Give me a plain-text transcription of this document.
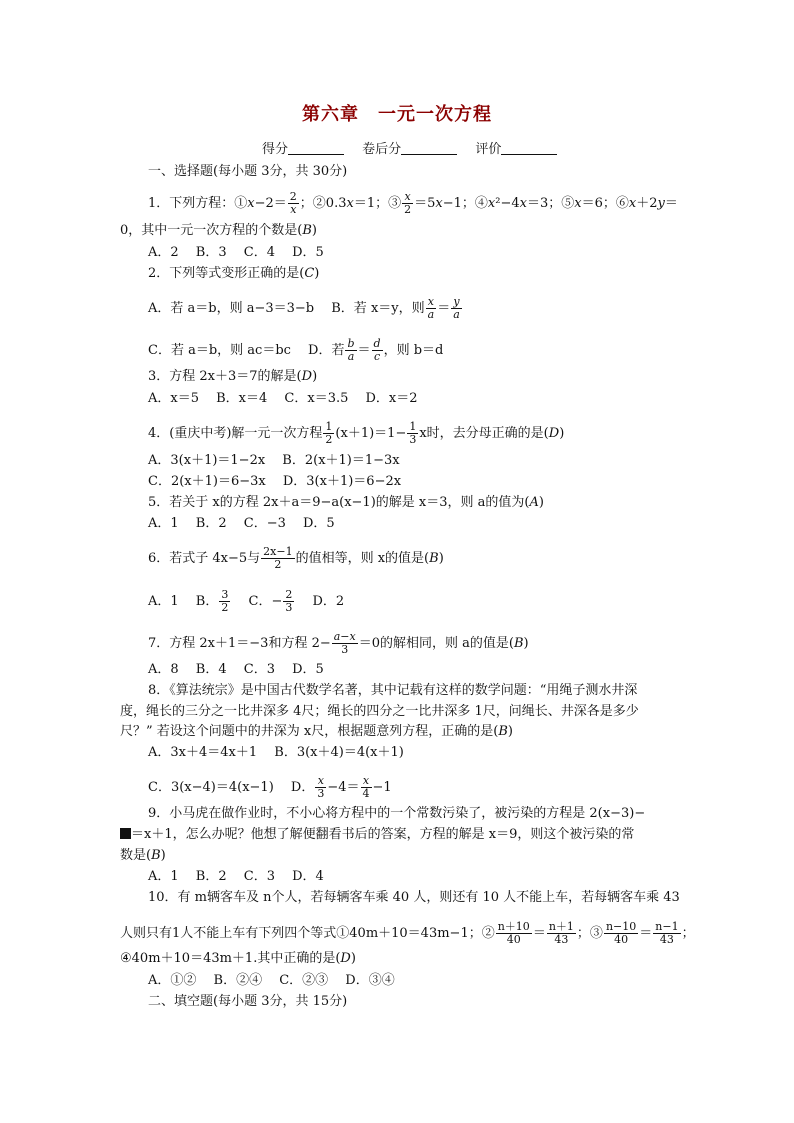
第六章　一元一次方程
得分	卷后分	评价
一、选择题(每小题 3分，共 30分)
1．下列方程：①x−2＝ $\frac{2}{x}$ ；②0.3x＝1；③ $\frac{x}{2} =5x-1$；④x²−4x＝3；⑤x＝6；⑥x＋2y＝
0，其中一元一次方程的个数是(B)
A．2　 B．3　 C．4　 D．5
2．下列等式变形正确的是(C)
A．若 a＝b，则 a−3＝3−b　 B．若 x＝y，则 $\frac{x}{a} = \frac{y}{a}$
C．若 a＝b，则 ac＝bc　 D．若 $\frac{b}{a} = \frac{d}{c}$ ，则 b＝d
3．方程 2x＋3＝7的解是(D)
A．x＝5　 B．x＝4　 C．x＝3.5　 D．x＝2
4．(重庆中考)解一元一次方程 $\frac{1}{2} (x+1)=1- \frac{1}{3}$ x时，去分母正确的是(D)
A．3(x＋1)＝1−2x　 B．2(x＋1)＝1−3x
C．2(x＋1)＝6−3x　 D．3(x＋1)＝6−2x
5．若关于 x的方程 2x＋a＝9−a(x−1)的解是 x＝3，则 a的值为(A)
A．1　 B．2　 C．−3　 D．5
6．若式子 4x−5与 $\frac{2x-1}{2}$ 的值相等，则 x的值是(B)
A．1　 B． $\frac{3}{2}$ 　 C．− $\frac{2}{3}$ 　 D．2
7．方程 2x＋1＝−3和方程 $2- \frac{a-x}{3} =0$的解相同，则 a的值是(B)
A．8　 B．4　 C．3　 D．5
8．《算法统宗》是中国古代数学名著，其中记载有这样的数学问题：“用绳子测水井深
度，绳长的三分之一比井深多 4尺；绳长的四分之一比井深多 1尺，问绳长、井深各是多少
尺？” 若设这个问题中的井深为 x尺，根据题意列方程，正确的是(B)
A．3x＋4＝4x＋1　 B．3(x＋4)＝4(x＋1)
C．3(x−4)＝4(x−1)　 D． $\frac{x}{3} -4= \frac{x}{4} -1$
9．小马虎在做作业时，不小心将方程中的一个常数污染了，被污染的方程是 2(x−3)−
＝x＋1，怎么办呢？他想了解便翻看书后的答案，方程的解是 x＝9，则这个被污染的常
数是(B)
A．1　 B．2　 C．3　 D．4
10．有 m辆客车及 n个人，若每辆客车乘 40 人，则还有 10 人不能上车，若每辆客车乘 43
人则只有1人不能上车有下列四个等式①40m＋10＝43m−1；② $\frac{n+10}{40} = \frac{n+1}{43}$ ；③ $\frac{n-10}{40} = \frac{n-1}{43}$ ；
④40m＋10＝43m＋1.其中正确的是(D)
A．①②　 B．②④　 C．②③　 D．③④
二、填空题(每小题 3分，共 15分)
